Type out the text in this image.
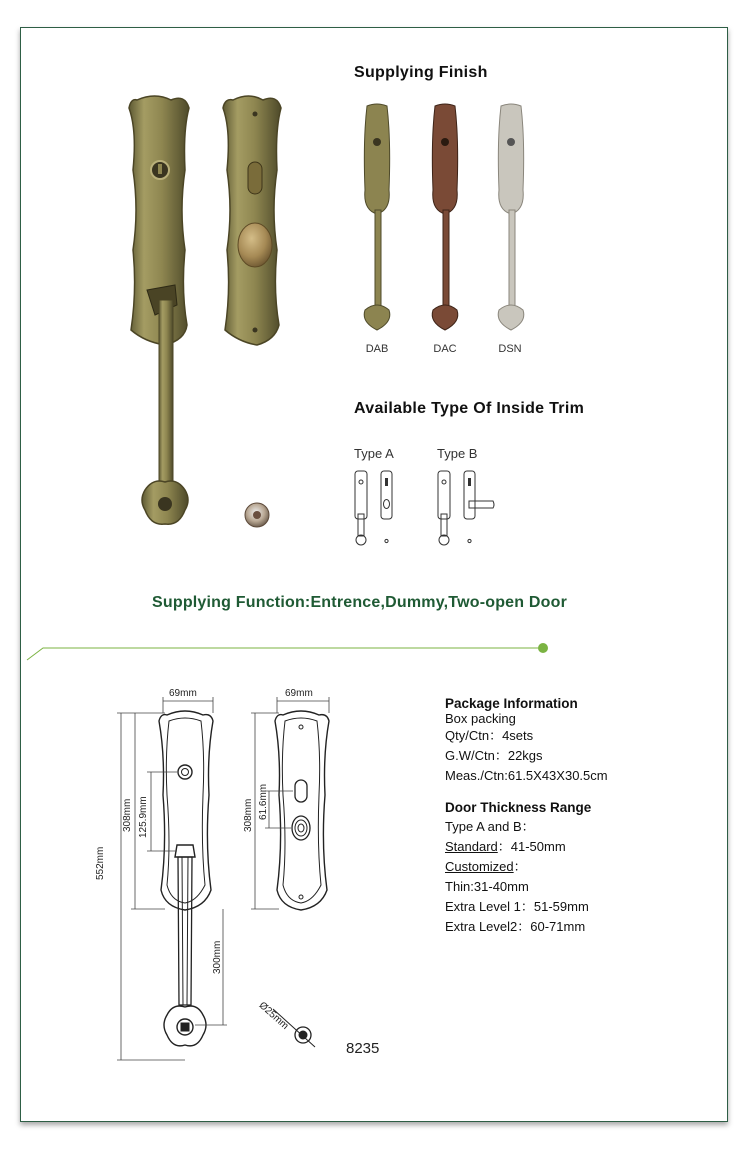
Supplying Finish
DAB	DAC	DSN
Available Type Of Inside Trim
Type A	Type B
Supplying Function:Entrence,Dummy,Two-open Door
69mm	69mm
552mm
308mm 125.9mm
300mm
308mm 61.6mm
Ø25mm
8235
Package Information
Box packing
Qty/Ctn：4sets
G.W/Ctn：22kgs
Meas./Ctn:61.5X43X30.5cm
Door Thickness Range
Type A and B：
Standard：41-50mm
Customized：
Thin:31-40mm
Extra Level 1：51-59mm
Extra Level2：60-71mm
